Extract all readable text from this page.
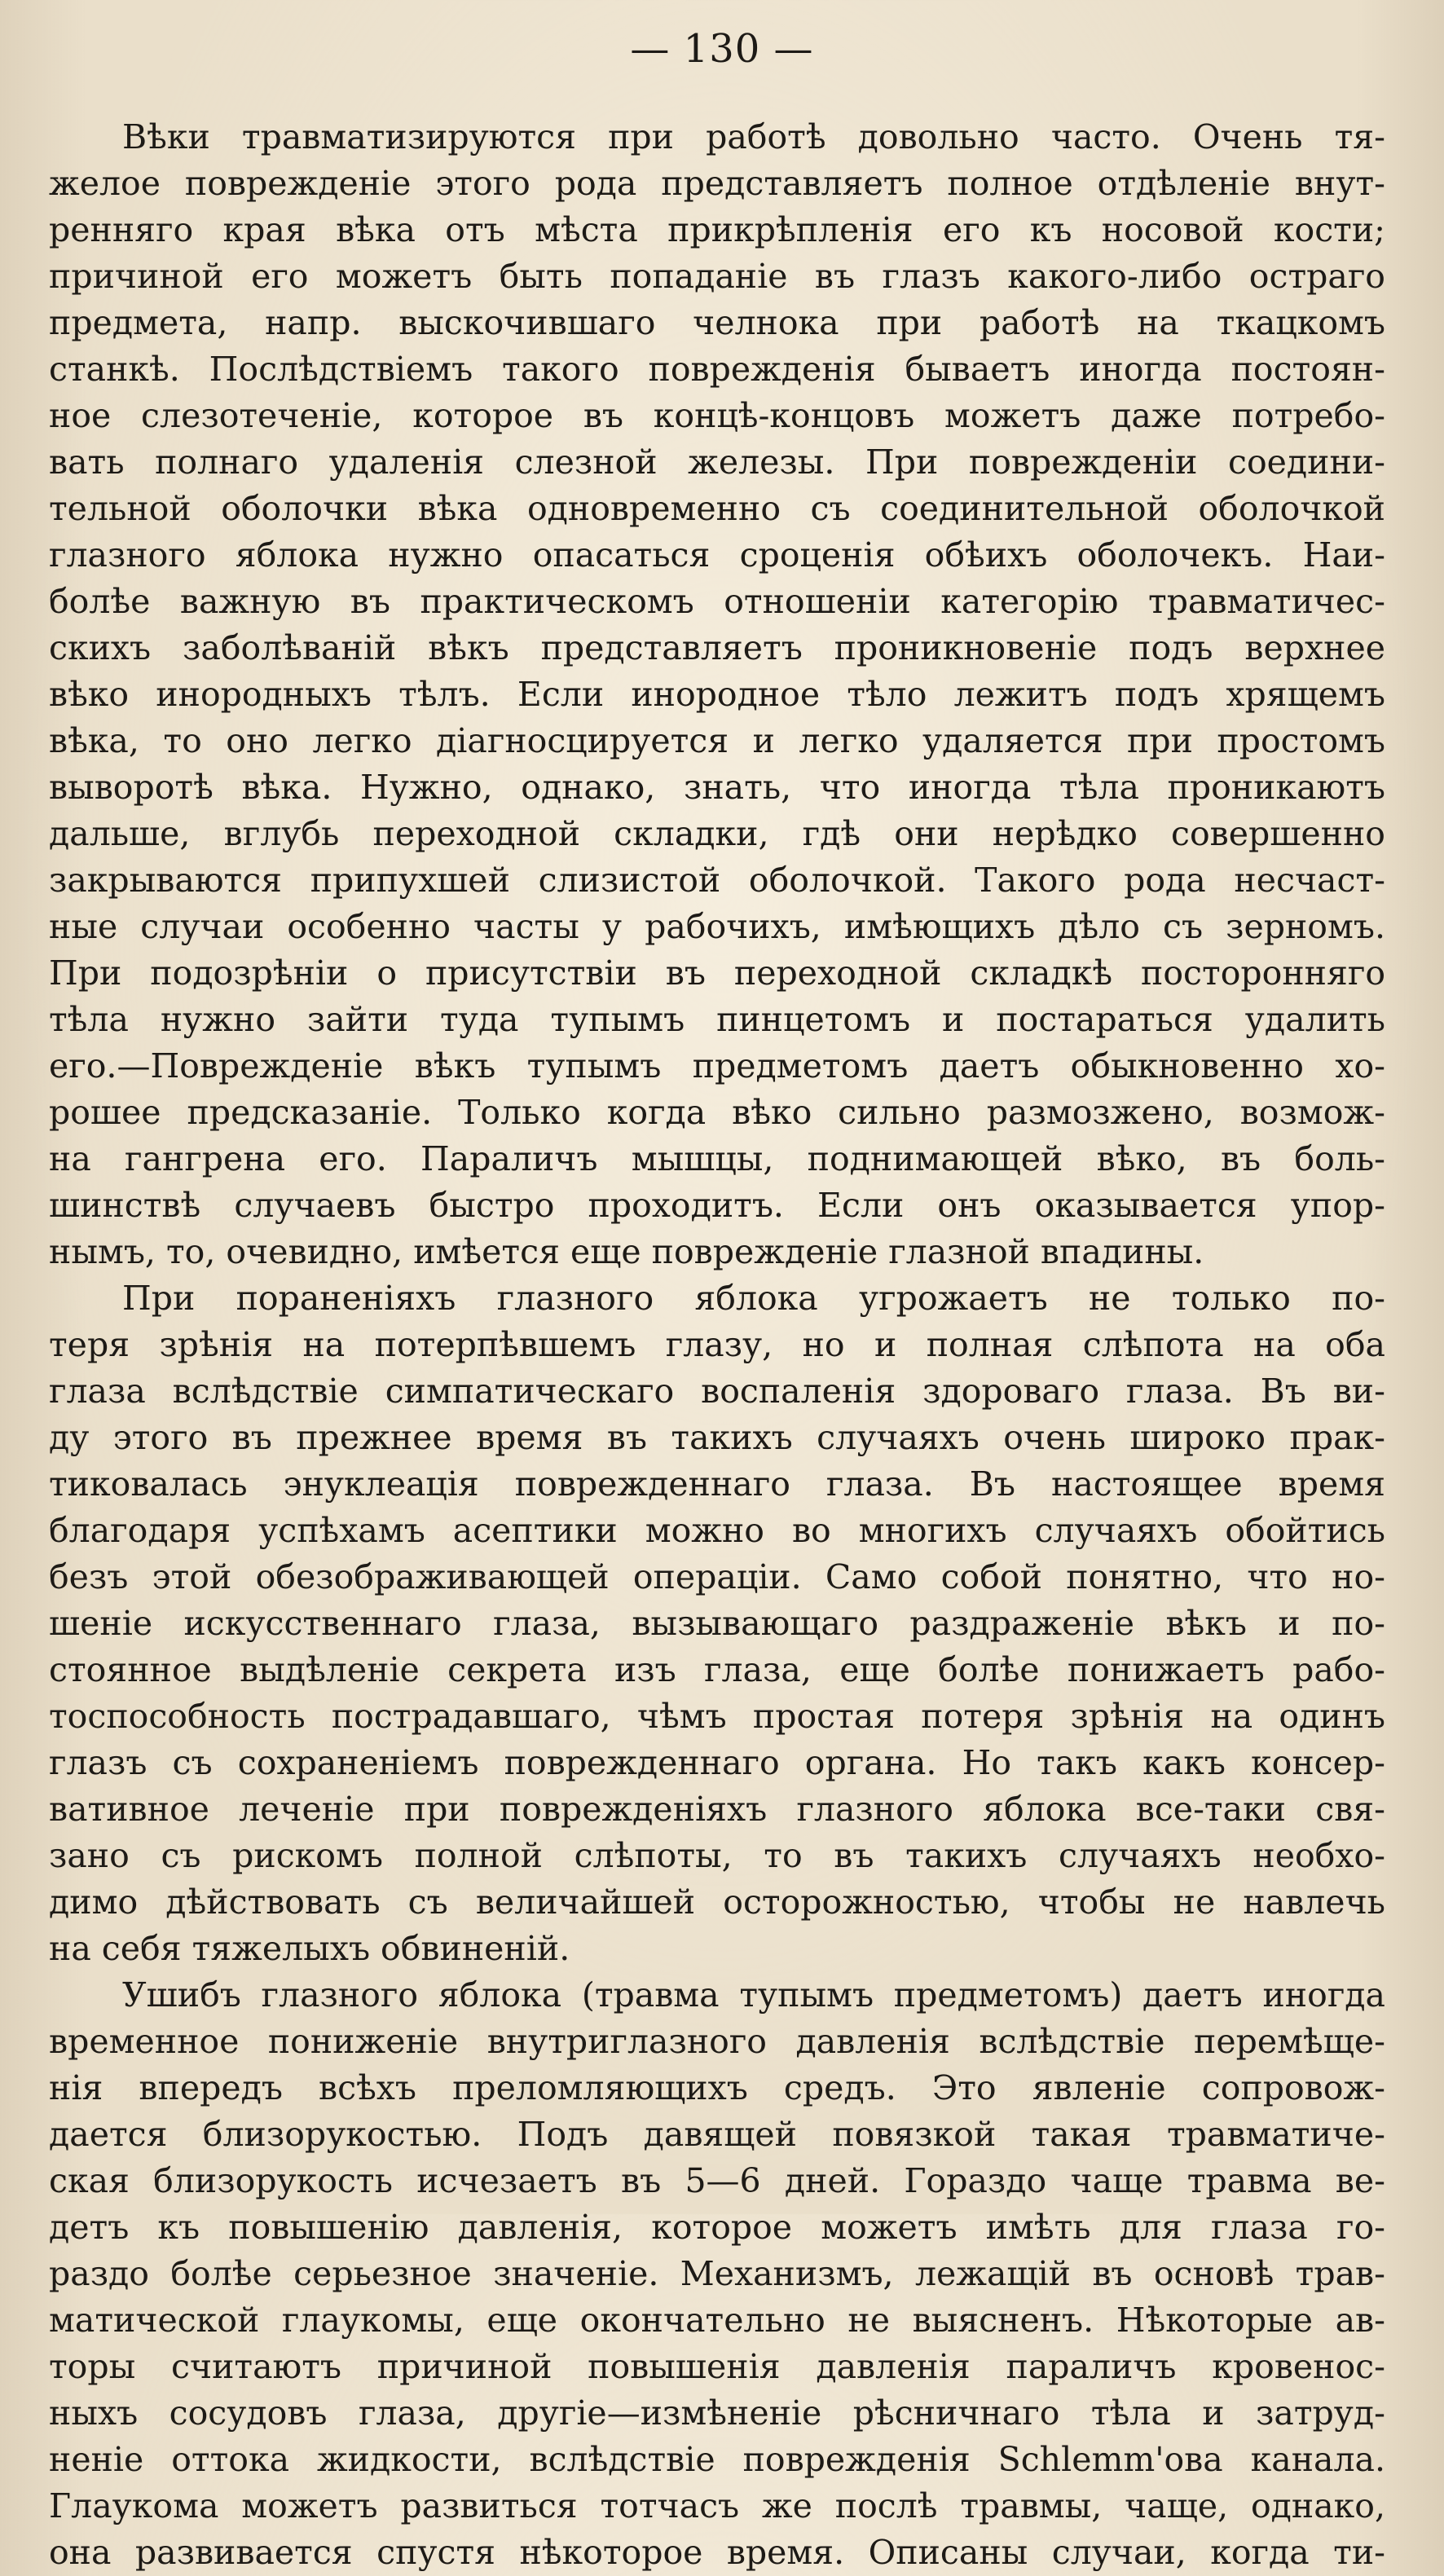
— 130 —
Вѣки травматизируются при работѣ довольно часто. Очень тя-
желое поврежденіе этого рода представляетъ полное отдѣленіе внут-
ренняго края вѣка отъ мѣста прикрѣпленія его къ носовой кости;
причиной его можетъ быть попаданіе въ глазъ какого-либо остраго
предмета, напр. выскочившаго челнока при работѣ на ткацкомъ
станкѣ. Послѣдствіемъ такого поврежденія бываетъ иногда постоян-
ное слезотеченіе, которое въ концѣ-концовъ можетъ даже потребо-
вать полнаго удаленія слезной железы. При поврежденіи соедини-
тельной оболочки вѣка одновременно съ соединительной оболочкой
глазного яблока нужно опасаться сроценія обѣихъ оболочекъ. Наи-
болѣе важную въ практическомъ отношеніи категорію травматичес-
скихъ заболѣваній вѣкъ представляетъ проникновеніе подъ верхнее
вѣко инородныхъ тѣлъ. Если инородное тѣло лежитъ подъ хрящемъ
вѣка, то оно легко діагносцируется и легко удаляется при простомъ
выворотѣ вѣка. Нужно, однако, знать, что иногда тѣла проникаютъ
дальше, вглубь переходной складки, гдѣ они нерѣдко совершенно
закрываются припухшей слизистой оболочкой. Такого рода несчаст-
ные случаи особенно часты у рабочихъ, имѣющихъ дѣло съ зерномъ.
При подозрѣніи о присутствіи въ переходной складкѣ посторонняго
тѣла нужно зайти туда тупымъ пинцетомъ и постараться удалить
его.—Поврежденіе вѣкъ тупымъ предметомъ даетъ обыкновенно хо-
рошее предсказаніе. Только когда вѣко сильно размозжено, возмож-
на гангрена его. Параличъ мышцы, поднимающей вѣко, въ боль-
шинствѣ случаевъ быстро проходитъ. Если онъ оказывается упор-
нымъ, то, очевидно, имѣется еще поврежденіе глазной впадины.
При пораненіяхъ глазного яблока угрожаетъ не только по-
теря зрѣнія на потерпѣвшемъ глазу, но и полная слѣпота на оба
глаза вслѣдствіе симпатическаго воспаленія здороваго глаза. Въ ви-
ду этого въ прежнее время въ такихъ случаяхъ очень широко прак-
тиковалась энуклеація поврежденнаго глаза. Въ настоящее время
благодаря успѣхамъ асептики можно во многихъ случаяхъ обойтись
безъ этой обезображивающей операціи. Само собой понятно, что но-
шеніе искусственнаго глаза, вызывающаго раздраженіе вѣкъ и по-
стоянное выдѣленіе секрета изъ глаза, еще болѣе понижаетъ рабо-
тоспособность пострадавшаго, чѣмъ простая потеря зрѣнія на одинъ
глазъ съ сохраненіемъ поврежденнаго органа. Но такъ какъ консер-
вативное леченіе при поврежденіяхъ глазного яблока все-таки свя-
зано съ рискомъ полной слѣпоты, то въ такихъ случаяхъ необхо-
димо дѣйствовать съ величайшей осторожностью, чтобы не навлечь
на себя тяжелыхъ обвиненій.
Ушибъ глазного яблока (травма тупымъ предметомъ) даетъ иногда
временное пониженіе внутриглазного давленія вслѣдствіе перемѣще-
нія впередъ всѣхъ преломляющихъ средъ. Это явленіе сопровож-
дается близорукостью. Подъ давящей повязкой такая травматиче-
ская близорукость исчезаетъ въ 5—6 дней. Гораздо чаще травма ве-
детъ къ повышенію давленія, которое можетъ имѣть для глаза го-
раздо болѣе серьезное значеніе. Механизмъ, лежащій въ основѣ трав-
матической глаукомы, еще окончательно не выясненъ. Нѣкоторые ав-
торы считаютъ причиной повышенія давленія параличъ кровенос-
ныхъ сосудовъ глаза, другіе—измѣненіе рѣсничнаго тѣла и затруд-
неніе оттока жидкости, вслѣдствіе поврежденія Schlemm'ова канала.
Глаукома можетъ развиться тотчасъ же послѣ травмы, чаще, однако,
она развивается спустя нѣкоторое время. Описаны случаи, когда ти-
